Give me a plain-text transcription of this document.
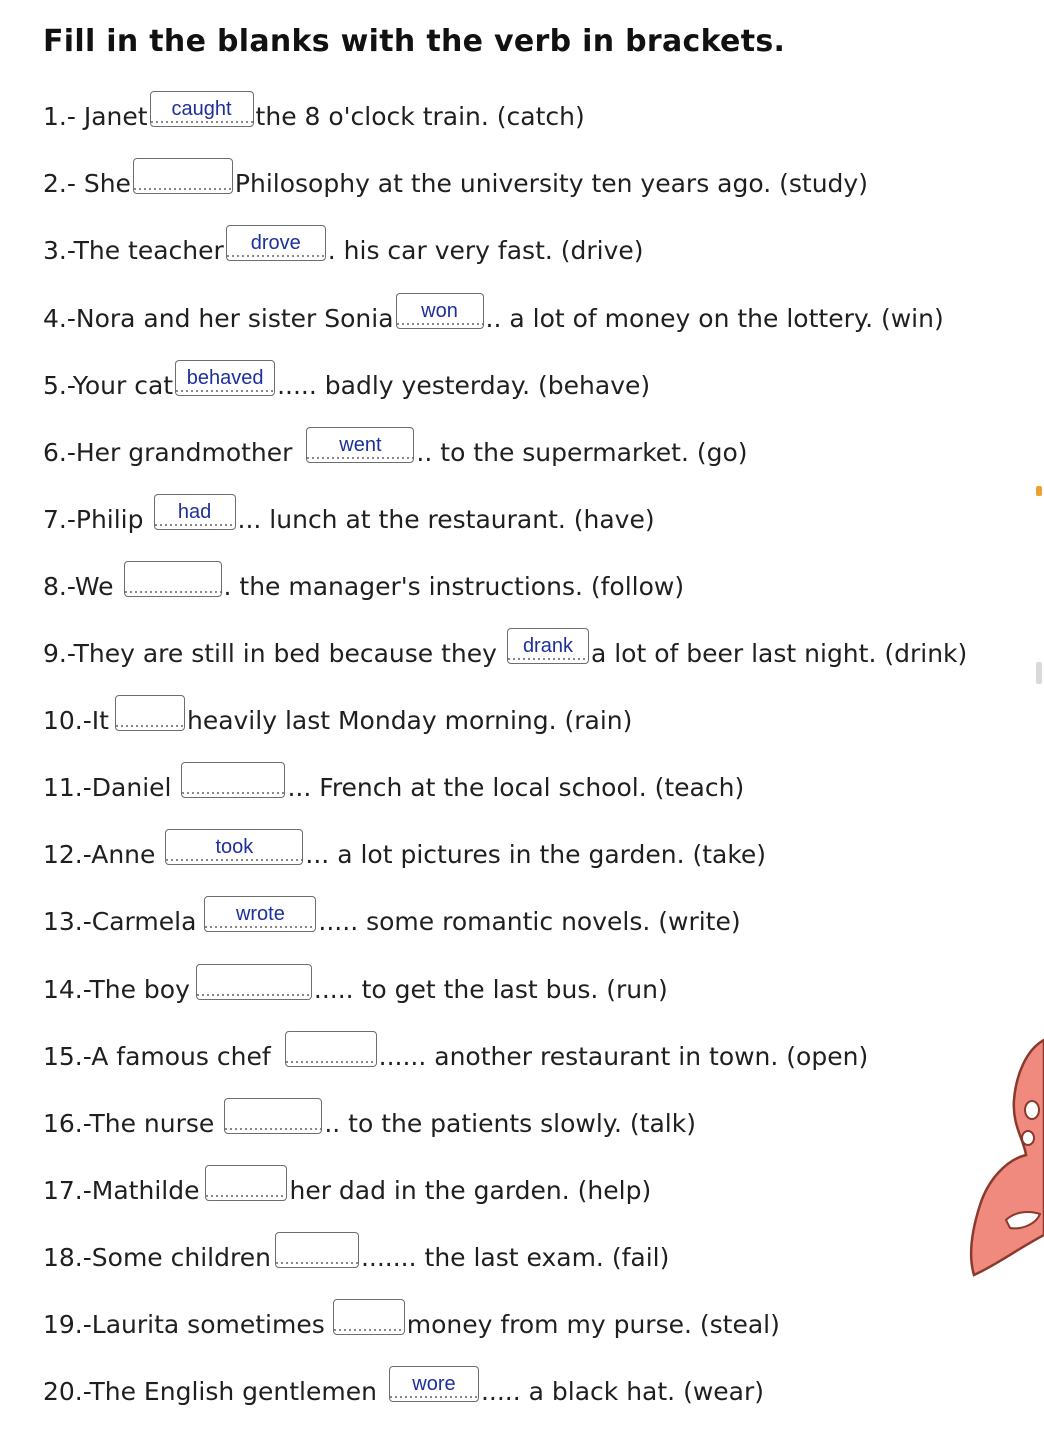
Fill in the blanks with the verb in brackets.
1.- Janet
caught	the 8 o'clock train. (catch)
2.- She	Philosophy at the university ten years ago. (study)
3.-The teacher
drove	. his car very fast. (drive)
4.-Nora and her sister Sonia
won	.. a lot of money on the lottery. (win)
5.-Your cat
behaved	..... badly yesterday. (behave)
6.-Her grandmother
went	.. to the supermarket. (go)
7.-Philip
had	... lunch at the restaurant. (have)
8.-We	. the manager's instructions. (follow)
9.-They are still in bed because they
drank	a lot of beer last night. (drink)
10.-It	heavily last Monday morning. (rain)
11.-Daniel	... French at the local school. (teach)
12.-Anne
took	... a lot pictures in the garden. (take)
13.-Carmela
wrote	..... some romantic novels. (write)
14.-The boy	..... to get the last bus. (run)
15.-A famous chef	...... another restaurant in town. (open)
16.-The nurse	.. to the patients slowly. (talk)
17.-Mathilde	her dad in the garden. (help)
18.-Some children	....... the last exam. (fail)
19.-Laurita sometimes	money from my purse. (steal)
20.-The English gentlemen
wore	..... a black hat. (wear)
